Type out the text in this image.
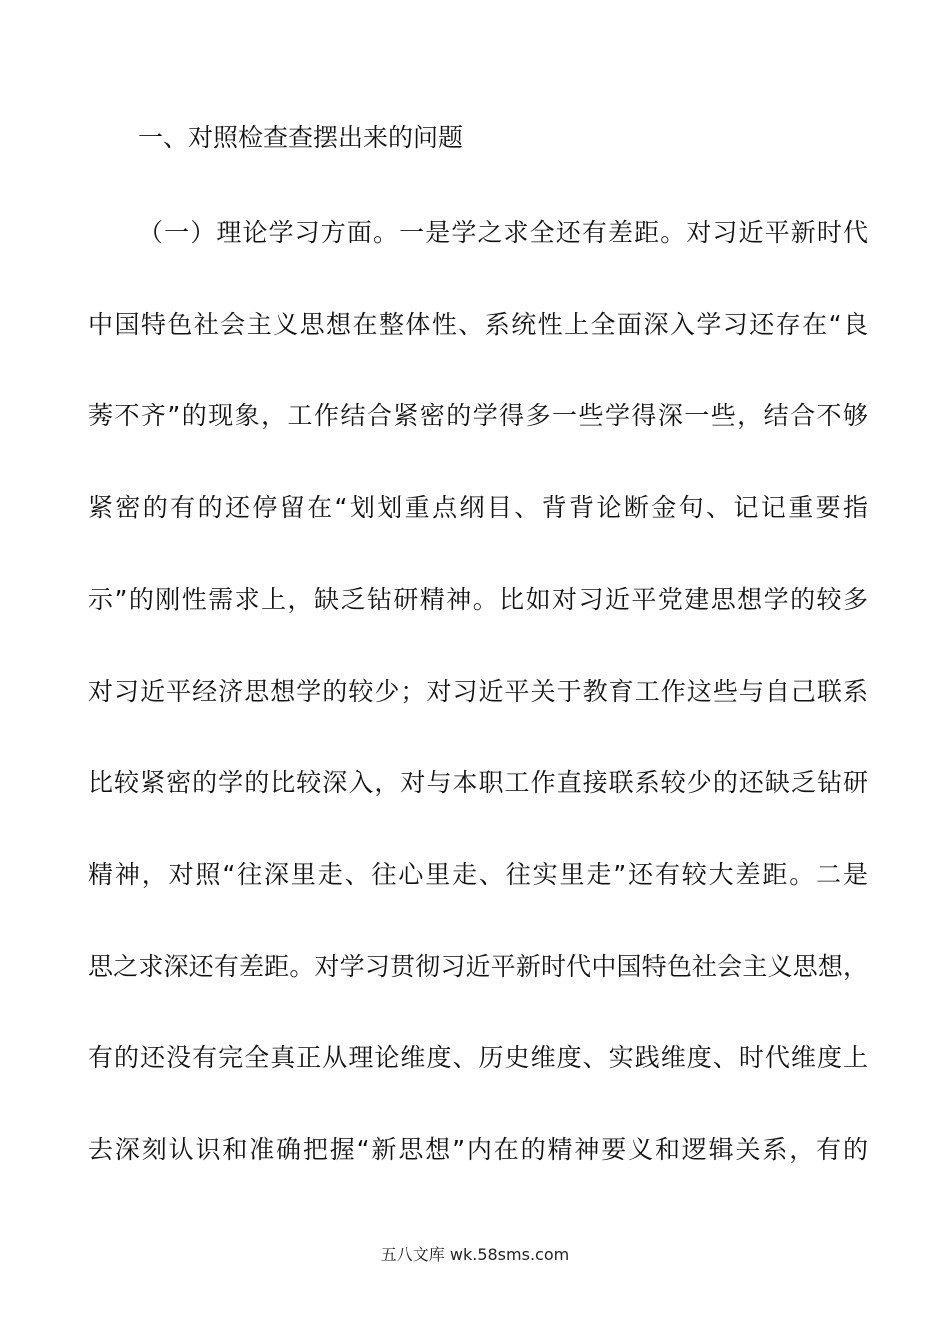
一、对照检查查摆出来的问题
（一）理论学习方面。一是学之求全还有差距。对习近平新时代
中国特色社会主义思想在整体性、系统性上全面深入学习还存在“良
莠不齐”的现象，工作结合紧密的学得多一些学得深一些，结合不够
紧密的有的还停留在“划划重点纲目、背背论断金句、记记重要指
示”的刚性需求上，缺乏钻研精神。比如对习近平党建思想学的较多
对习近平经济思想学的较少；对习近平关于教育工作这些与自己联系
比较紧密的学的比较深入，对与本职工作直接联系较少的还缺乏钻研
精神，对照“往深里走、往心里走、往实里走”还有较大差距。二是
思之求深还有差距。对学习贯彻习近平新时代中国特色社会主义思想，
有的还没有完全真正从理论维度、历史维度、实践维度、时代维度上
去深刻认识和准确把握“新思想”内在的精神要义和逻辑关系，有的
五八文库 wk.58sms.com
